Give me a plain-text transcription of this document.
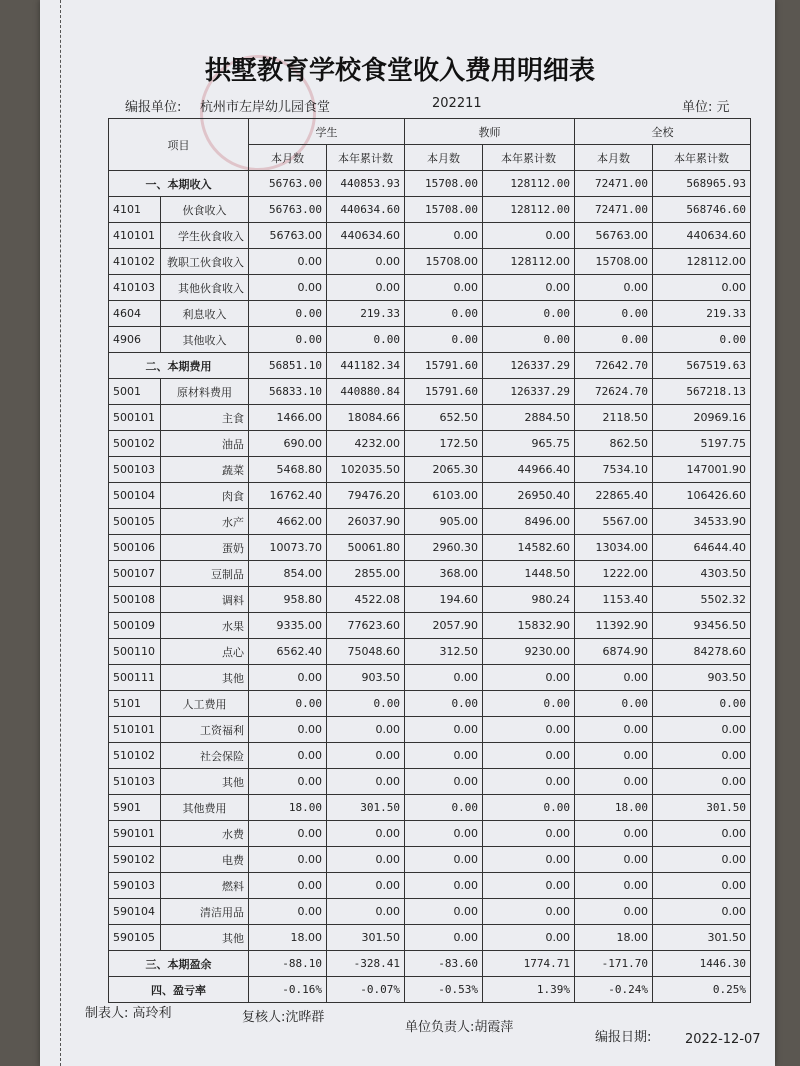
拱墅教育学校食堂收入费用明细表
编报单位: 杭州市左岸幼儿园食堂	202211	单位: 元
项目		学生		教师		全校	
		本月数	本年累计数	本月数	本年累计数	本月数	本年累计数
一、本期收入		56763.00	440853.93	15708.00	128112.00	72471.00	568965.93
4101	伙食收入	56763.00	440634.60	15708.00	128112.00	72471.00	568746.60
410101	学生伙食收入	56763.00	440634.60	0.00	0.00	56763.00	440634.60
410102	教职工伙食收入	0.00	0.00	15708.00	128112.00	15708.00	128112.00
410103	其他伙食收入	0.00	0.00	0.00	0.00	0.00	0.00
4604	利息收入	0.00	219.33	0.00	0.00	0.00	219.33
4906	其他收入	0.00	0.00	0.00	0.00	0.00	0.00
二、本期费用		56851.10	441182.34	15791.60	126337.29	72642.70	567519.63
5001	原材料费用	56833.10	440880.84	15791.60	126337.29	72624.70	567218.13
500101	主食	1466.00	18084.66	652.50	2884.50	2118.50	20969.16
500102	油品	690.00	4232.00	172.50	965.75	862.50	5197.75
500103	蔬菜	5468.80	102035.50	2065.30	44966.40	7534.10	147001.90
500104	肉食	16762.40	79476.20	6103.00	26950.40	22865.40	106426.60
500105	水产	4662.00	26037.90	905.00	8496.00	5567.00	34533.90
500106	蛋奶	10073.70	50061.80	2960.30	14582.60	13034.00	64644.40
500107	豆制品	854.00	2855.00	368.00	1448.50	1222.00	4303.50
500108	调料	958.80	4522.08	194.60	980.24	1153.40	5502.32
500109	水果	9335.00	77623.60	2057.90	15832.90	11392.90	93456.50
500110	点心	6562.40	75048.60	312.50	9230.00	6874.90	84278.60
500111	其他	0.00	903.50	0.00	0.00	0.00	903.50
5101	人工费用	0.00	0.00	0.00	0.00	0.00	0.00
510101	工资福利	0.00	0.00	0.00	0.00	0.00	0.00
510102	社会保险	0.00	0.00	0.00	0.00	0.00	0.00
510103	其他	0.00	0.00	0.00	0.00	0.00	0.00
5901	其他费用	18.00	301.50	0.00	0.00	18.00	301.50
590101	水费	0.00	0.00	0.00	0.00	0.00	0.00
590102	电费	0.00	0.00	0.00	0.00	0.00	0.00
590103	燃料	0.00	0.00	0.00	0.00	0.00	0.00
590104	清洁用品	0.00	0.00	0.00	0.00	0.00	0.00
590105	其他	18.00	301.50	0.00	0.00	18.00	301.50
三、本期盈余		-88.10	-328.41	-83.60	1774.71	-171.70	1446.30
四、盈亏率		-0.16%	-0.07%	-0.53%	1.39%	-0.24%	0.25%
制表人: 高玲利	复核人:沈晔群
单位负责人:胡霞萍
编报日期:	2022-12-07
